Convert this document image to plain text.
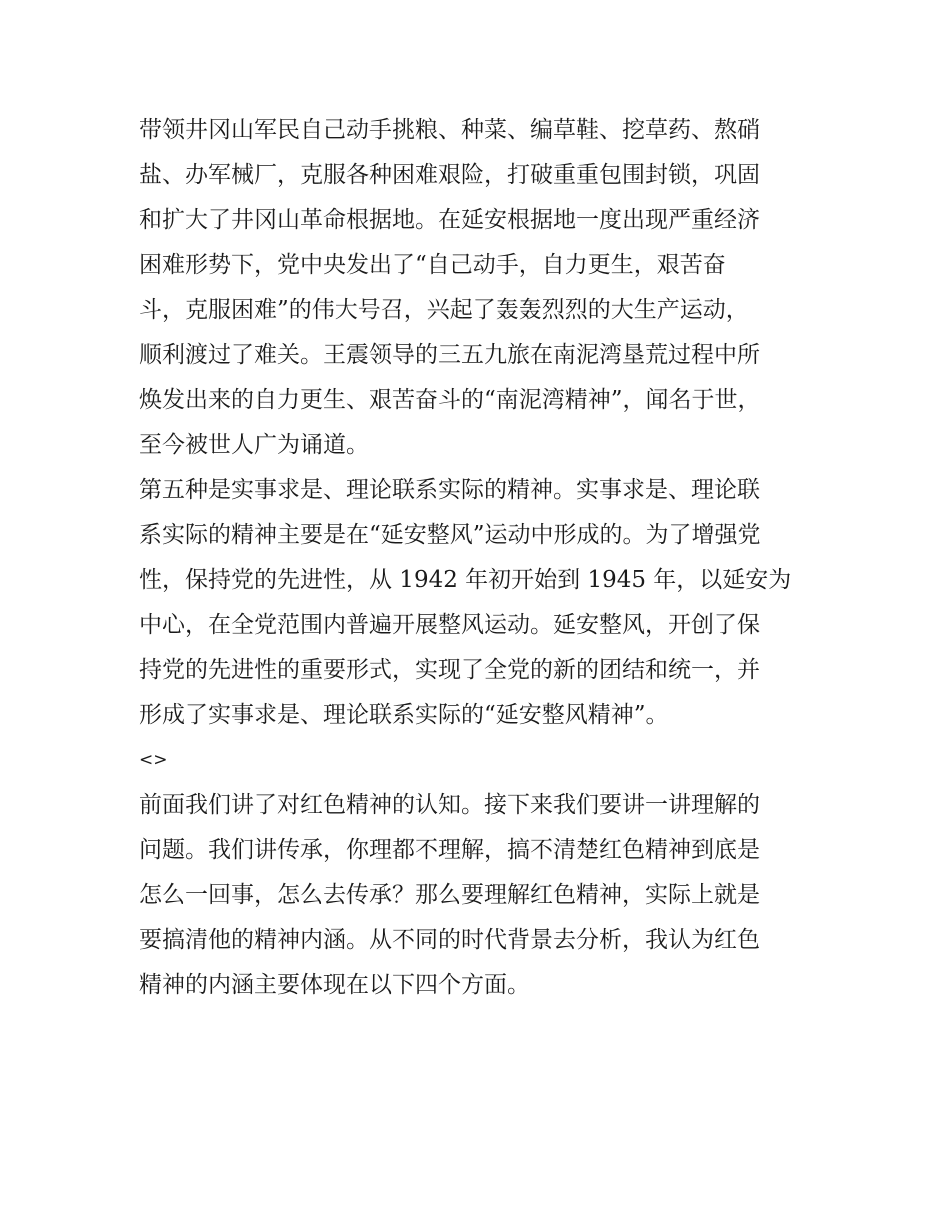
带领井冈山军民自己动手挑粮、种菜、编草鞋、挖草药、熬硝
盐、办军械厂，克服各种困难艰险，打破重重包围封锁，巩固
和扩大了井冈山革命根据地。在延安根据地一度出现严重经济
困难形势下，党中央发出了“自己动手，自力更生，艰苦奋
斗，克服困难”的伟大号召，兴起了轰轰烈烈的大生产运动，
顺利渡过了难关。王震领导的三五九旅在南泥湾垦荒过程中所
焕发出来的自力更生、艰苦奋斗的“南泥湾精神”，闻名于世，
至今被世人广为诵道。
第五种是实事求是、理论联系实际的精神。实事求是、理论联
系实际的精神主要是在“延安整风”运动中形成的。为了增强党
性，保持党的先进性，从 1942 年初开始到 1945 年，以延安为
中心，在全党范围内普遍开展整风运动。延安整风，开创了保
持党的先进性的重要形式，实现了全党的新的团结和统一，并
形成了实事求是、理论联系实际的“延安整风精神”。
<>
前面我们讲了对红色精神的认知。接下来我们要讲一讲理解的
问题。我们讲传承，你理都不理解，搞不清楚红色精神到底是
怎么一回事，怎么去传承？那么要理解红色精神，实际上就是
要搞清他的精神内涵。从不同的时代背景去分析，我认为红色
精神的内涵主要体现在以下四个方面。
